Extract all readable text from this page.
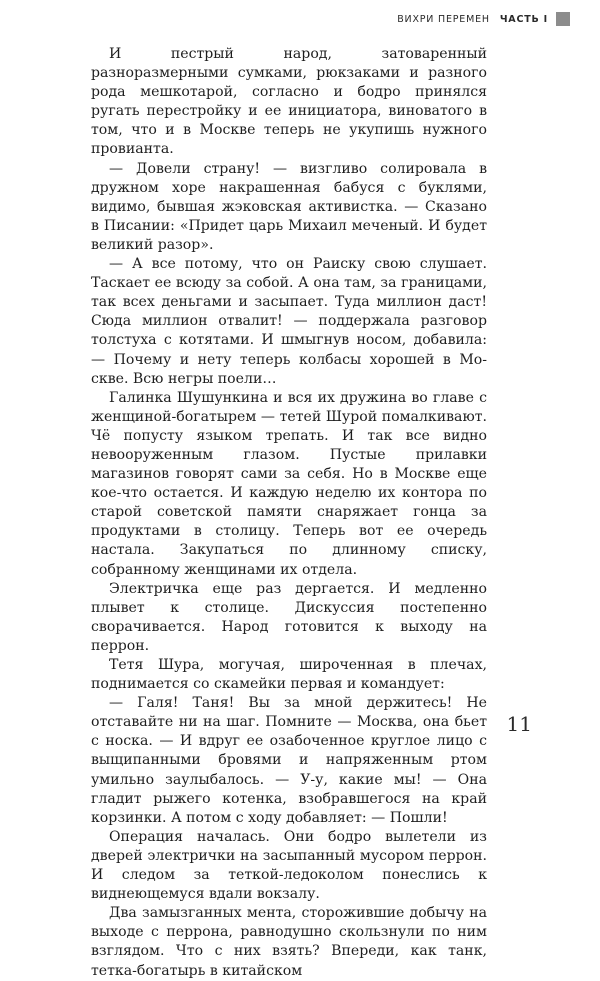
ВИХРИ ПЕРЕМЕН ЧАСТЬ I

И пестрый народ, затоваренный разноразмерными сумками, рюкзаками и разного рода мешкотарой, согласно и бодро принялся ругать перестройку и ее инициатора, виноватого в том, что и в Москве теперь не укупишь нужного провианта.

— Довели страну! — визгливо солировала в дружном хоре накрашенная бабуся с буклями, видимо, бывшая жэковская активистка. — Сказано в Писании: «Придет царь Михаил меченый. И будет великий разор».

— А все потому, что он Раиску свою слушает. Таскает ее всюду за собой. А она там, за границами, так всех деньгами и засыпает. Туда миллион даст! Сюда миллион отвалит! — поддержала разговор толстуха с котятами. И шмыгнув носом, добавила: — Почему и нету теперь колбасы хорошей в Москве. Всю негры поели…

Галинка Шушункина и вся их дружина во главе с женщиной-богатырем — тетей Шурой помалкивают. Чё попусту языком трепать. И так все видно невооруженным глазом. Пустые прилавки магазинов говорят сами за себя. Но в Москве еще кое-что остается. И каждую неделю их контора по старой советской памяти снаряжает гонца за продуктами в столицу. Теперь вот ее очередь настала. Закупаться по длинному списку, собранному женщинами их отдела.

Электричка еще раз дергается. И медленно плывет к столице. Дискуссия постепенно сворачивается. Народ готовится к выходу на перрон.

Тетя Шура, могучая, широченная в плечах, поднимается со скамейки первая и командует:

— Галя! Таня! Вы за мной держитесь! Не отставайте ни на шаг. Помните — Москва, она бьет с носка. — И вдруг ее озабоченное круглое лицо с выщипанными бровями и напряженным ртом умильно заулыбалось. — У-у, какие мы! — Она гладит рыжего котенка, взобравшегося на край корзинки. А потом с ходу добавляет: — Пошли!

Операция началась. Они бодро вылетели из дверей электрички на засыпанный мусором перрон. И следом за теткой-ледоколом понеслись к виднеющемуся вдали вокзалу.

Два замызганных мента, сторожившие добычу на выходе с перрона, равнодушно скользнули по ним взглядом. Что с них взять? Впереди, как танк, тетка-богатырь в китайском

11
